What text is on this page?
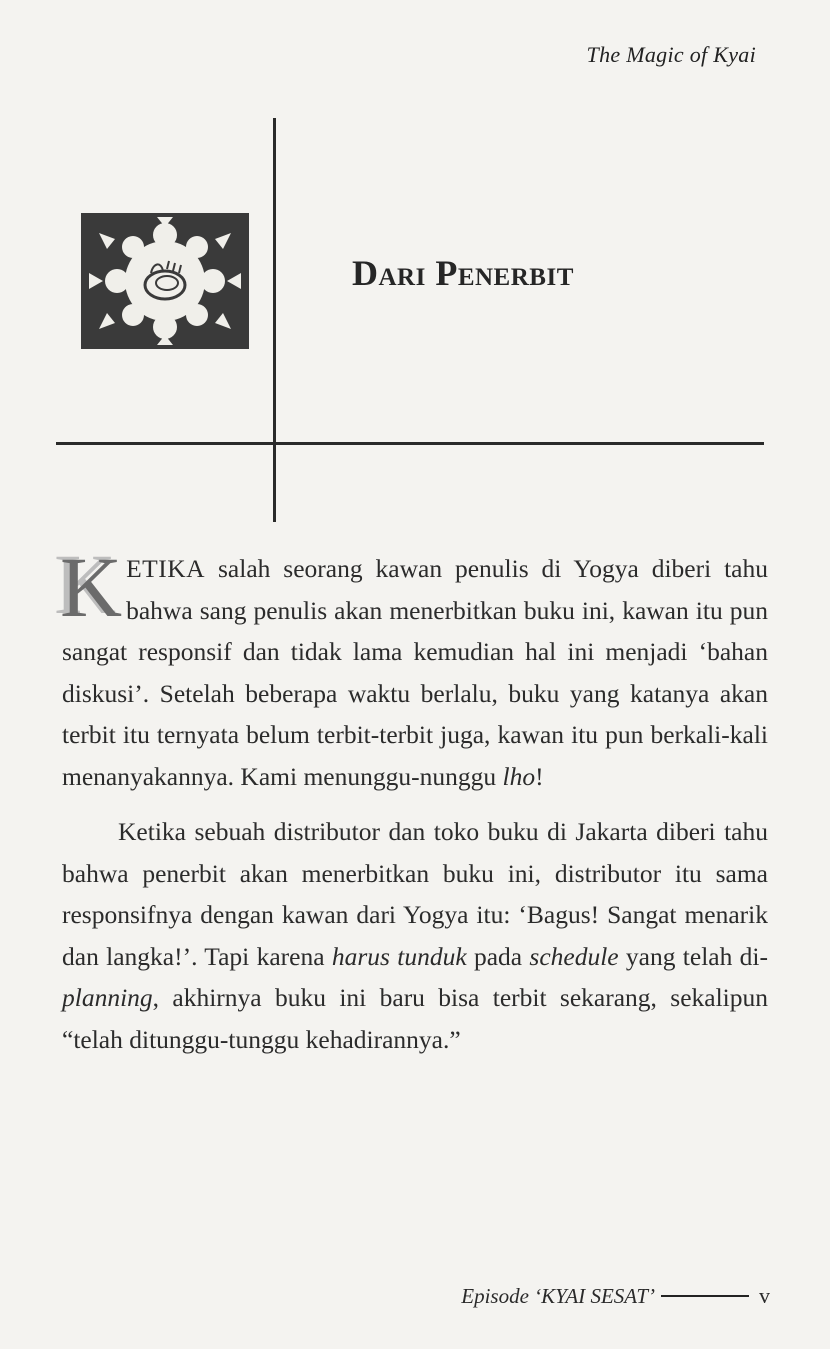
The Magic of Kyai
Dari Penerbit

KETIKA salah seorang kawan penulis di Yogya diberi tahu bahwa sang penulis akan menerbitkan buku ini, kawan itu pun sangat responsif dan tidak lama kemudian hal ini menjadi ‘bahan diskusi’. Setelah beberapa waktu berlalu, buku yang katanya akan terbit itu ternyata belum terbit-terbit juga, kawan itu pun berkali-kali menanyakannya. Kami menunggu-nunggu lho!

Ketika sebuah distributor dan toko buku di Jakarta diberi tahu bahwa penerbit akan menerbitkan buku ini, distributor itu sama responsifnya dengan kawan dari Yogya itu: ‘Bagus! Sangat menarik dan langka!’. Tapi karena harus tunduk pada schedule yang telah di-planning, akhirnya buku ini baru bisa terbit sekarang, sekalipun “telah ditunggu-tunggu kehadirannya.”

Episode ‘KYAI SESAT’	v
